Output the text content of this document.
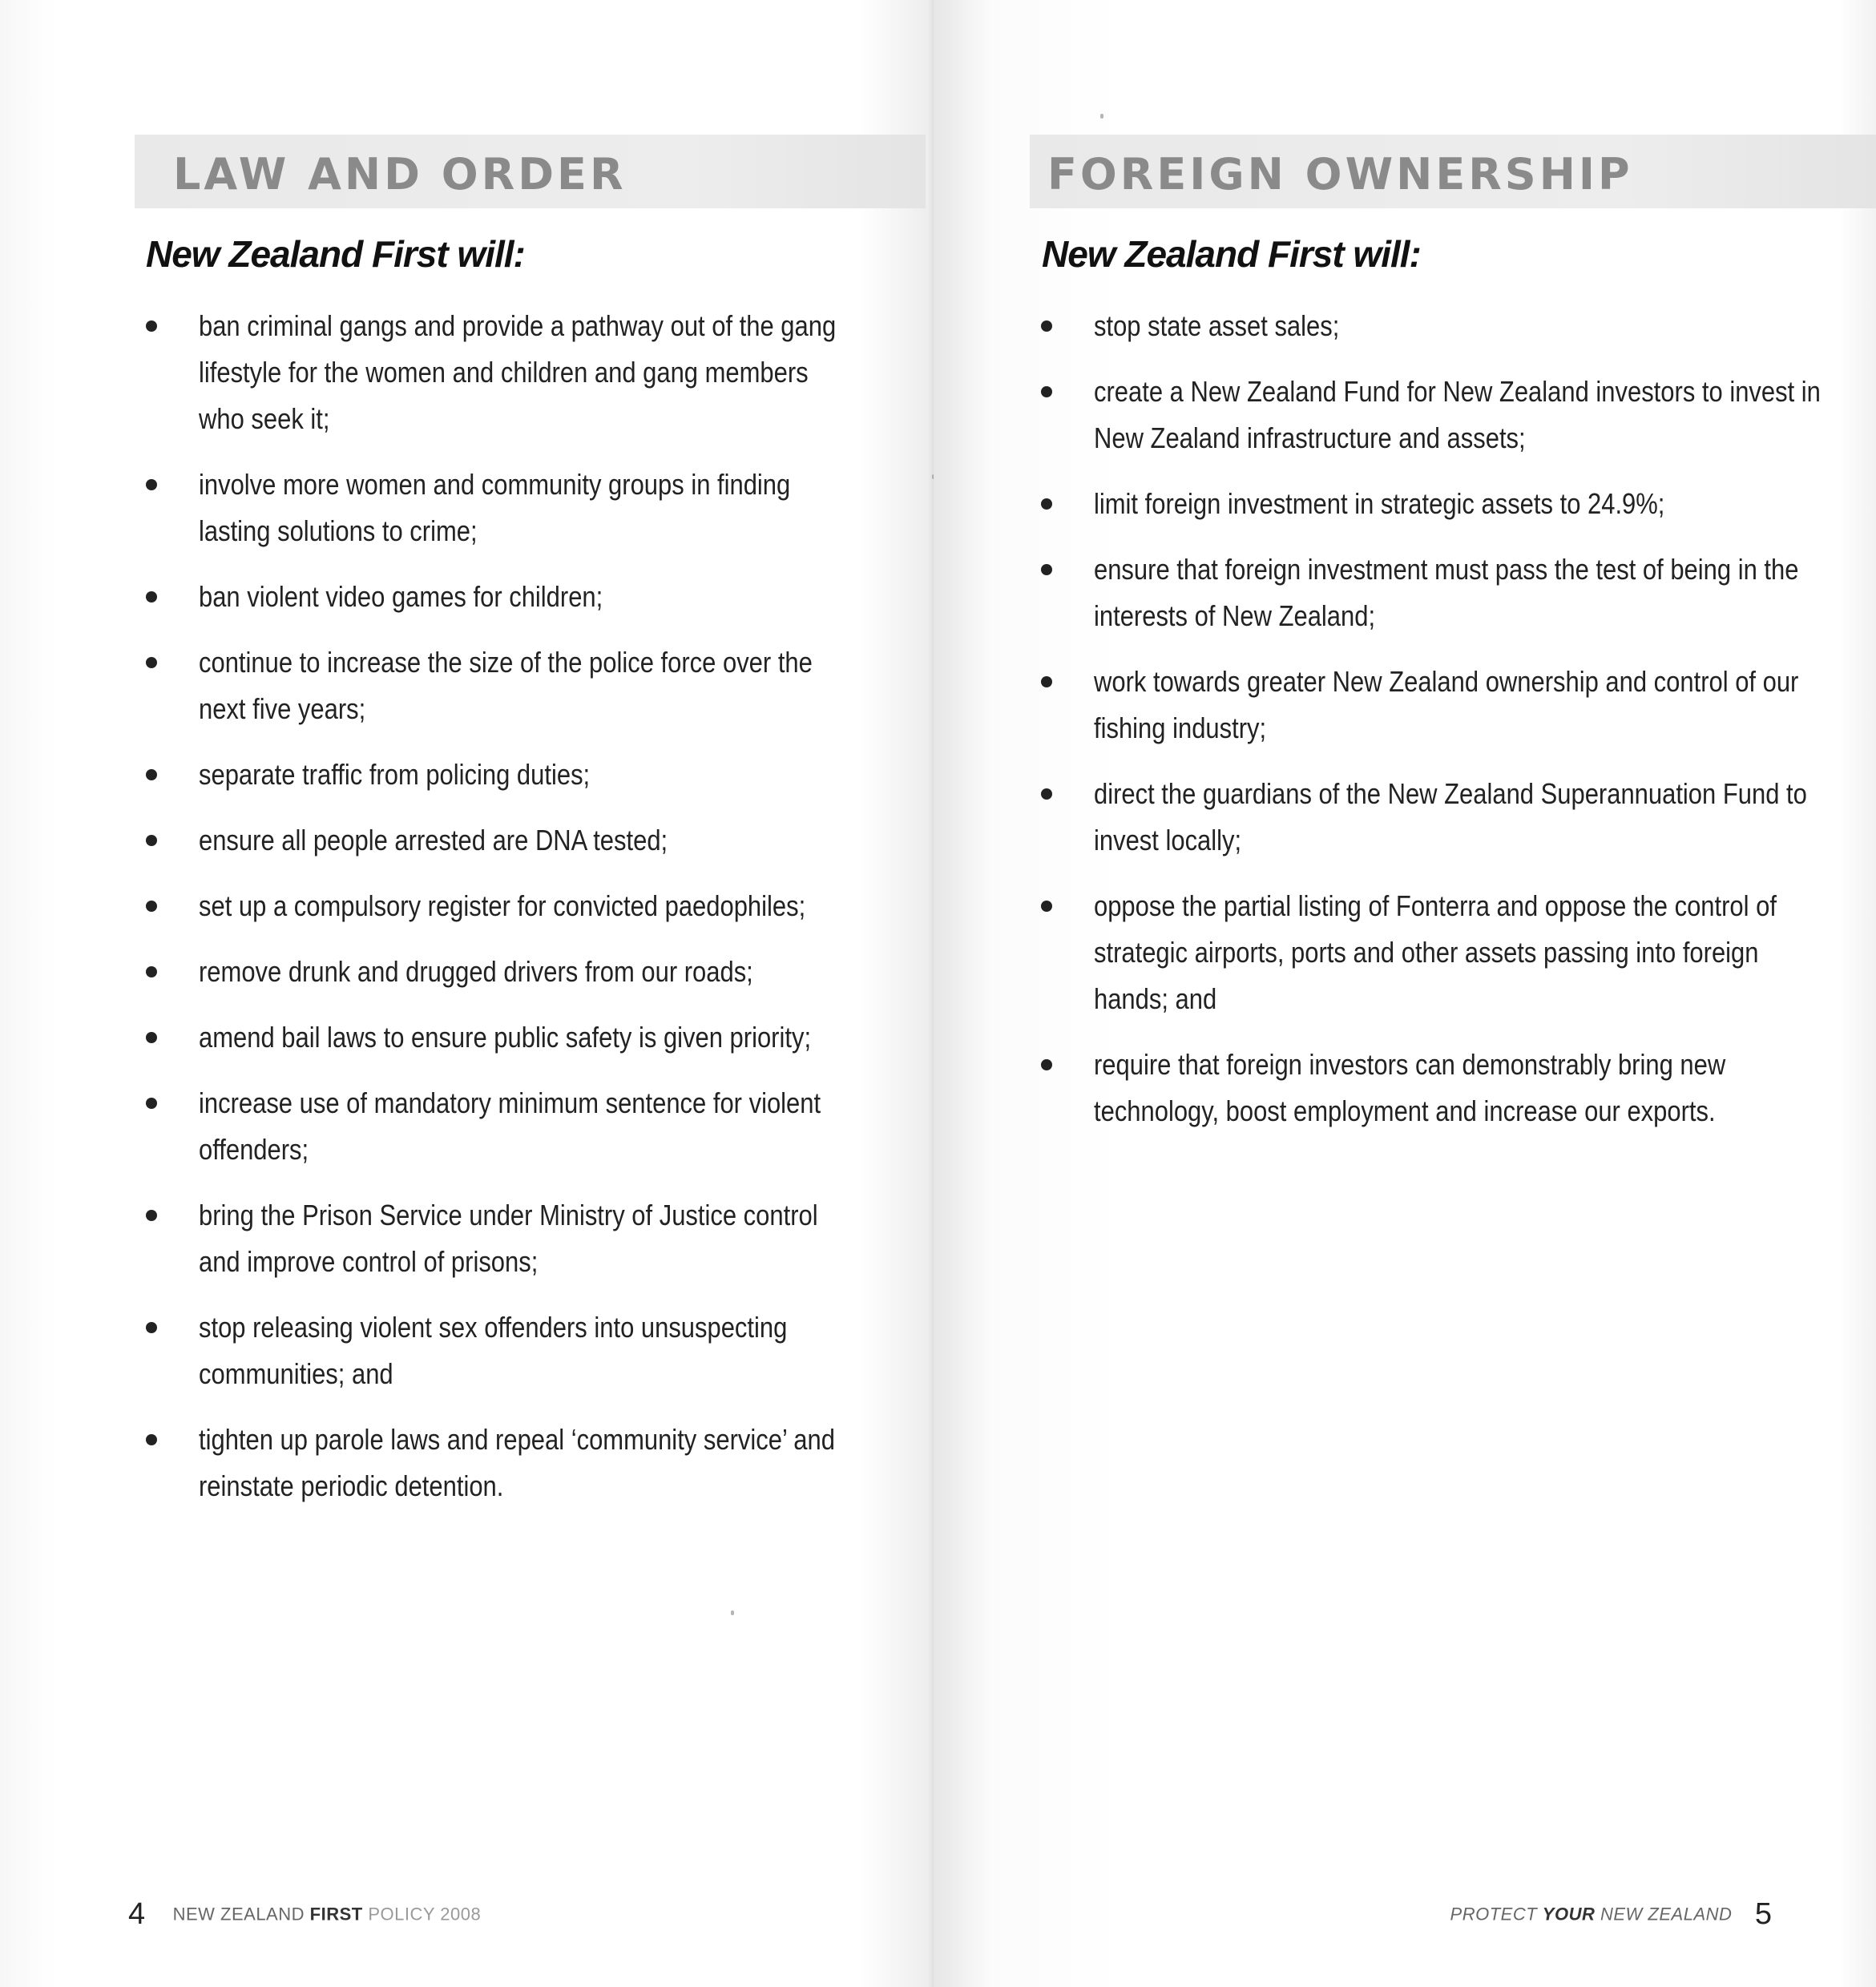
LAW AND ORDER
New Zealand First will:
ban criminal gangs and provide a pathway out of the gang lifestyle for the women and children and gang members who seek it;
involve more women and community groups in finding lasting solutions to crime;
ban violent video games for children;
continue to increase the size of the police force over the next five years;
separate traffic from policing duties;
ensure all people arrested are DNA tested;
set up a compulsory register for convicted paedophiles;
remove drunk and drugged drivers from our roads;
amend bail laws to ensure public safety is given priority;
increase use of mandatory minimum sentence for violent offenders;
bring the Prison Service under Ministry of Justice control and improve control of prisons;
stop releasing violent sex offenders into unsuspecting communities; and
tighten up parole laws and repeal ‘community service’ and reinstate periodic detention.
4 NEW ZEALAND FIRST POLICY 2008
FOREIGN OWNERSHIP
New Zealand First will:
stop state asset sales;
create a New Zealand Fund for New Zealand investors to invest in New Zealand infrastructure and assets;
limit foreign investment in strategic assets to 24.9%;
ensure that foreign investment must pass the test of being in the interests of New Zealand;
work towards greater New Zealand ownership and control of our fishing industry;
direct the guardians of the New Zealand Superannuation Fund to invest locally;
oppose the partial listing of Fonterra and oppose the control of strategic airports, ports and other assets passing into foreign hands; and
require that foreign investors can demonstrably bring new technology, boost employment and increase our exports.
PROTECT YOUR NEW ZEALAND 5
